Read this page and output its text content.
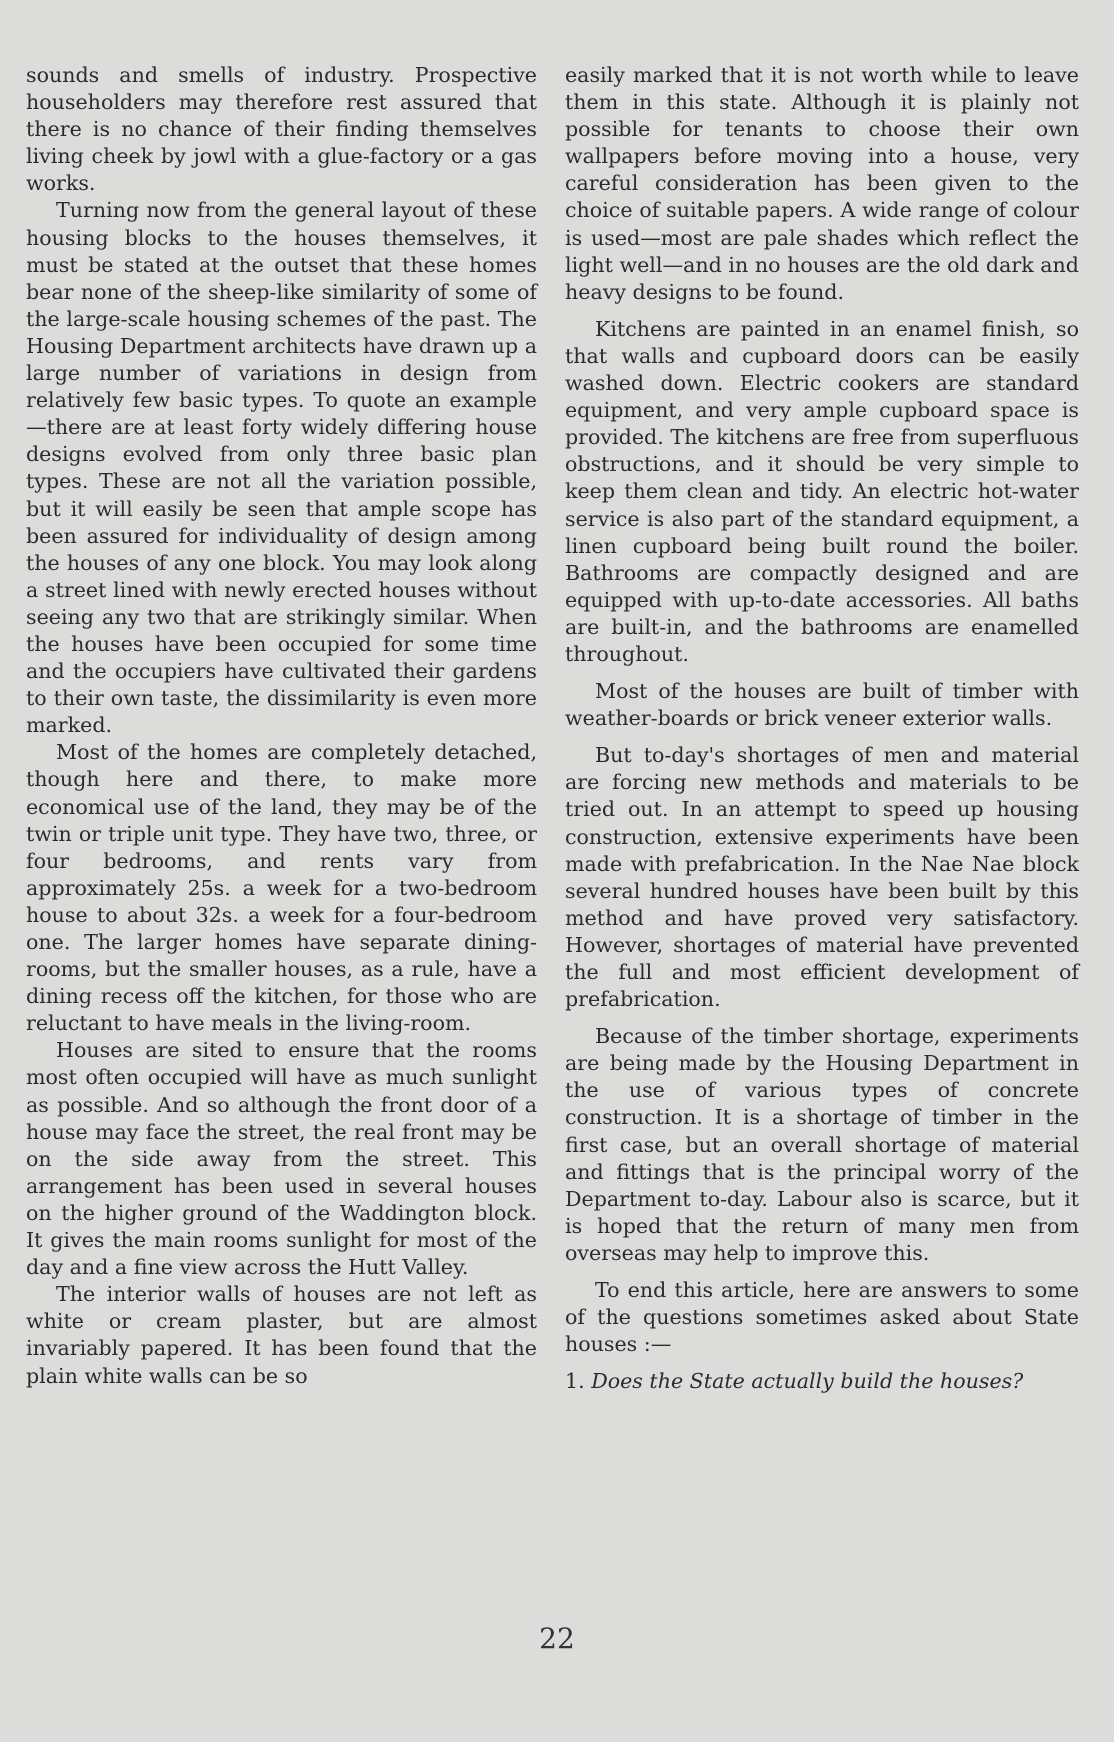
sounds and smells of industry. Prospective householders may therefore rest assured that there is no chance of their finding themselves living cheek by jowl with a glue-factory or a gas works.

Turning now from the general layout of these housing blocks to the houses themselves, it must be stated at the outset that these homes bear none of the sheep-like similarity of some of the large-scale housing schemes of the past. The Housing Department architects have drawn up a large number of variations in design from relatively few basic types. To quote an example—there are at least forty widely differing house designs evolved from only three basic plan types. These are not all the variation possible, but it will easily be seen that ample scope has been assured for individuality of design among the houses of any one block. You may look along a street lined with newly erected houses without seeing any two that are strikingly similar. When the houses have been occupied for some time and the occupiers have cultivated their gardens to their own taste, the dissimilarity is even more marked.

Most of the homes are completely detached, though here and there, to make more economical use of the land, they may be of the twin or triple unit type. They have two, three, or four bedrooms, and rents vary from approximately 25s. a week for a two-bedroom house to about 32s. a week for a four-bedroom one. The larger homes have separate dining-rooms, but the smaller houses, as a rule, have a dining recess off the kitchen, for those who are reluctant to have meals in the living-room.

Houses are sited to ensure that the rooms most often occupied will have as much sunlight as possible. And so although the front door of a house may face the street, the real front may be on the side away from the street. This arrangement has been used in several houses on the higher ground of the Waddington block. It gives the main rooms sunlight for most of the day and a fine view across the Hutt Valley.

The interior walls of houses are not left as white or cream plaster, but are almost invariably papered. It has been found that the plain white walls can be so

easily marked that it is not worth while to leave them in this state. Although it is plainly not possible for tenants to choose their own wallpapers before moving into a house, very careful consideration has been given to the choice of suitable papers. A wide range of colour is used—most are pale shades which reflect the light well—and in no houses are the old dark and heavy designs to be found.

Kitchens are painted in an enamel finish, so that walls and cupboard doors can be easily washed down. Electric cookers are standard equipment, and very ample cupboard space is provided. The kitchens are free from superfluous obstructions, and it should be very simple to keep them clean and tidy. An electric hot-water service is also part of the standard equipment, a linen cupboard being built round the boiler. Bathrooms are compactly designed and are equipped with up-to-date accessories. All baths are built-in, and the bathrooms are enamelled throughout.

Most of the houses are built of timber with weather-boards or brick veneer exterior walls.

But to-day's shortages of men and material are forcing new methods and materials to be tried out. In an attempt to speed up housing construction, extensive experiments have been made with prefabrication. In the Nae Nae block several hundred houses have been built by this method and have proved very satisfactory. However, shortages of material have prevented the full and most efficient development of prefabrication.

Because of the timber shortage, experiments are being made by the Housing Department in the use of various types of concrete construction. It is a shortage of timber in the first case, but an overall shortage of material and fittings that is the principal worry of the Department to-day. Labour also is scarce, but it is hoped that the return of many men from overseas may help to improve this.

To end this article, here are answers to some of the questions sometimes asked about State houses :—

1. Does the State actually build the houses?

22
